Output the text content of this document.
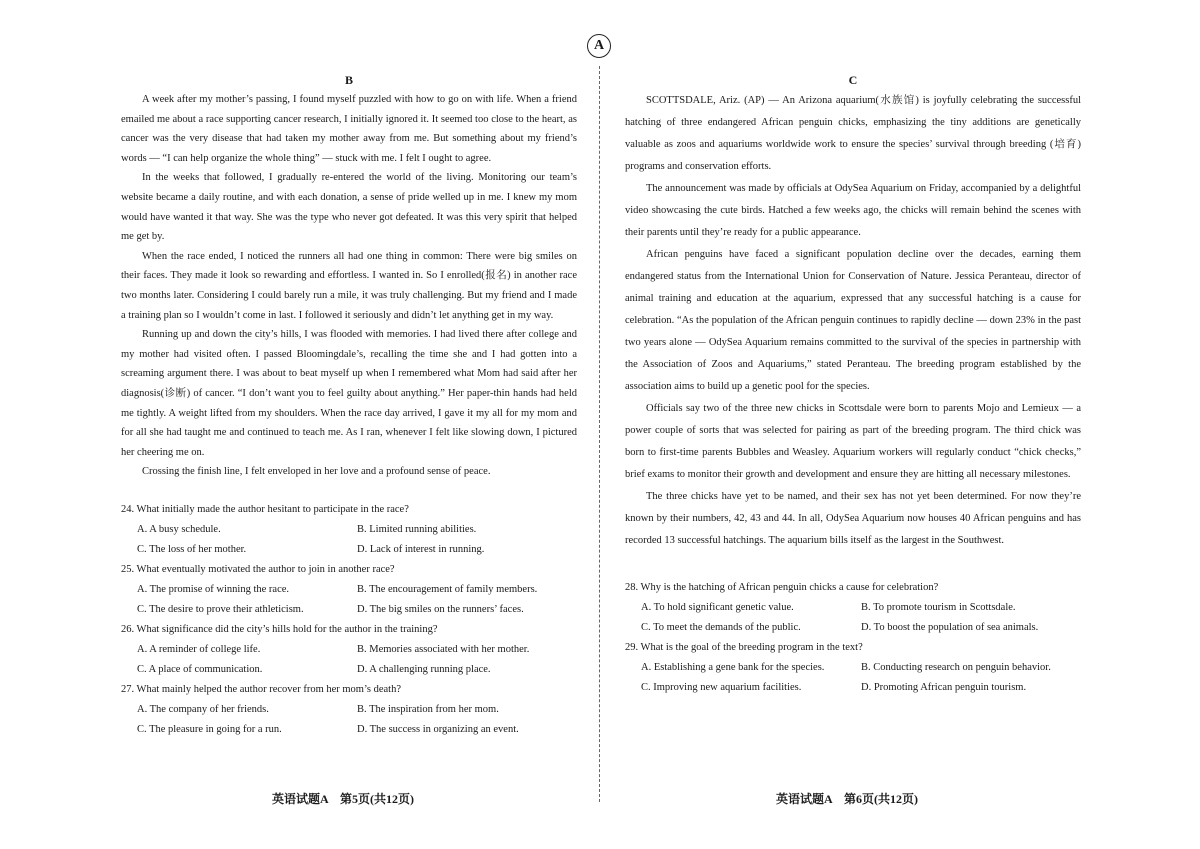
A
B

A week after my mother’s passing, I found myself puzzled with how to go on with life. When a friend emailed me about a race supporting cancer research, I initially ignored it. It seemed too close to the heart, as cancer was the very disease that had taken my mother away from me. But something about my friend’s words — “I can help organize the whole thing” — stuck with me. I felt I ought to agree.

In the weeks that followed, I gradually re-entered the world of the living. Monitoring our team’s website became a daily routine, and with each donation, a sense of pride welled up in me. I knew my mom would have wanted it that way. She was the type who never got defeated. It was this very spirit that helped me get by.

When the race ended, I noticed the runners all had one thing in common: There were big smiles on their faces. They made it look so rewarding and effortless. I wanted in. So I enrolled(报名) in another race two months later. Considering I could barely run a mile, it was truly challenging. But my friend and I made a training plan so I wouldn’t come in last. I followed it seriously and didn’t let anything get in my way.

Running up and down the city’s hills, I was flooded with memories. I had lived there after college and my mother had visited often. I passed Bloomingdale’s, recalling the time she and I had gotten into a screaming argument there. I was about to beat myself up when I remembered what Mom had said after her diagnosis(诊断) of cancer. “I don’t want you to feel guilty about anything.” Her paper-thin hands had held me tightly. A weight lifted from my shoulders. When the race day arrived, I gave it my all for my mom and for all she had taught me and continued to teach me. As I ran, whenever I felt like slowing down, I pictured her cheering me on.

Crossing the finish line, I felt enveloped in her love and a profound sense of peace.

24. What initially made the author hesitant to participate in the race?

A. A busy schedule.	B. Limited running abilities.
C. The loss of her mother.	D. Lack of interest in running.

25. What eventually motivated the author to join in another race?

A. The promise of winning the race.	B. The encouragement of family members.
C. The desire to prove their athleticism.	D. The big smiles on the runners’ faces.

26. What significance did the city’s hills hold for the author in the training?

A. A reminder of college life.	B. Memories associated with her mother.
C. A place of communication.	D. A challenging running place.

27. What mainly helped the author recover from her mom’s death?

A. The company of her friends.	B. The inspiration from her mom.
C. The pleasure in going for a run.	D. The success in organizing an event.
C

SCOTTSDALE, Ariz. (AP) — An Arizona aquarium(水族馆) is joyfully celebrating the successful hatching of three endangered African penguin chicks, emphasizing the tiny additions are genetically valuable as zoos and aquariums worldwide work to ensure the species’ survival through breeding (培育) programs and conservation efforts.

The announcement was made by officials at OdySea Aquarium on Friday, accompanied by a delightful video showcasing the cute birds. Hatched a few weeks ago, the chicks will remain behind the scenes with their parents until they’re ready for a public appearance.

African penguins have faced a significant population decline over the decades, earning them endangered status from the International Union for Conservation of Nature. Jessica Peranteau, director of animal training and education at the aquarium, expressed that any successful hatching is a cause for celebration. “As the population of the African penguin continues to rapidly decline — down 23% in the past two years alone — OdySea Aquarium remains committed to the survival of the species in partnership with the Association of Zoos and Aquariums,” stated Peranteau. The breeding program established by the association aims to build up a genetic pool for the species.

Officials say two of the three new chicks in Scottsdale were born to parents Mojo and Lemieux — a power couple of sorts that was selected for pairing as part of the breeding program. The third chick was born to first-time parents Bubbles and Weasley. Aquarium workers will regularly conduct “chick checks,” brief exams to monitor their growth and development and ensure they are hitting all necessary milestones.

The three chicks have yet to be named, and their sex has not yet been determined. For now they’re known by their numbers, 42, 43 and 44. In all, OdySea Aquarium now houses 40 African penguins and has recorded 13 successful hatchings. The aquarium bills itself as the largest in the Southwest.

28. Why is the hatching of African penguin chicks a cause for celebration?

A. To hold significant genetic value.	B. To promote tourism in Scottsdale.
C. To meet the demands of the public.	D. To boost the population of sea animals.

29. What is the goal of the breeding program in the text?

A. Establishing a gene bank for the species.	B. Conducting research on penguin behavior.
C. Improving new aquarium facilities.	D. Promoting African penguin tourism.
英语试题A　第5页(共12页)	英语试题A　第6页(共12页)
